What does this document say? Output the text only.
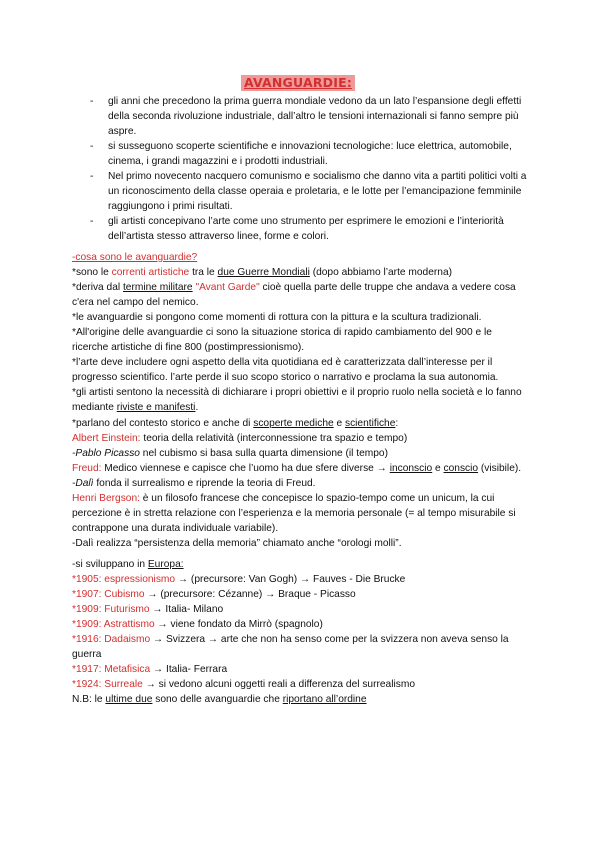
AVANGUARDIE:
- gli anni che precedono la prima guerra mondiale vedono da un lato l’espansione degli effetti della seconda rivoluzione industriale, dall’altro le tensioni internazionali si fanno sempre più aspre.
- si susseguono scoperte scientifiche e innovazioni tecnologiche: luce elettrica, automobile, cinema, i grandi magazzini e i prodotti industriali.
- Nel primo novecento nacquero comunismo e socialismo che danno vita a partiti politici volti a un riconoscimento della classe operaia e proletaria, e le lotte per l’emancipazione femminile raggiungono i primi risultati.
- gli artisti concepivano l’arte come uno strumento per esprimere le emozioni e l’interiorità dell’artista stesso attraverso linee, forme e colori.

-cosa sono le avanguardie?

*sono le correnti artistiche tra le due Guerre Mondiali (dopo abbiamo l’arte moderna)

*deriva dal termine militare "Avant Garde" cioè quella parte delle truppe che andava a vedere cosa c'era nel campo del nemico.

*le avanguardie si pongono come momenti di rottura con la pittura e la scultura tradizionali.

*All'origine delle avanguardie ci sono la situazione storica di rapido cambiamento del 900 e le ricerche artistiche di fine 800 (postimpressionismo).

*l’arte deve includere ogni aspetto della vita quotidiana ed è caratterizzata dall’interesse per il progresso scientifico. l’arte perde il suo scopo storico o narrativo e proclama la sua autonomia.

*gli artisti sentono la necessità di dichiarare i propri obiettivi e il proprio ruolo nella società e lo fanno mediante riviste e manifesti.

*parlano del contesto storico e anche di scoperte mediche e scientifiche:

Albert Einstein: teoria della relatività (interconnessione tra spazio e tempo)

-Pablo Picasso nel cubismo si basa sulla quarta dimensione (il tempo)

Freud: Medico viennese e capisce che l’uomo ha due sfere diverse → inconscio e conscio (visibile).

-Dalì fonda il surrealismo e riprende la teoria di Freud.

Henri Bergson: è un filosofo francese che concepisce lo spazio-tempo come un unicum, la cui percezione è in stretta relazione con l’esperienza e la memoria personale (= al tempo misurabile si contrappone una durata individuale variabile).

-Dalì realizza “persistenza della memoria” chiamato anche “orologi molli”.

-si sviluppano in Europa:

*1905: espressionismo → (precursore: Van Gogh) → Fauves - Die Brucke

*1907: Cubismo → (precursore: Cézanne) → Braque - Picasso

*1909: Futurismo → Italia- Milano

*1909: Astrattismo → viene fondato da Mirrò (spagnolo)

*1916: Dadaismo → Svizzera → arte che non ha senso come per la svizzera non aveva senso la guerra

*1917: Metafisica → Italia- Ferrara

*1924: Surreale → si vedono alcuni oggetti reali a differenza del surrealismo

N.B: le ultime due sono delle avanguardie che riportano all’ordine
